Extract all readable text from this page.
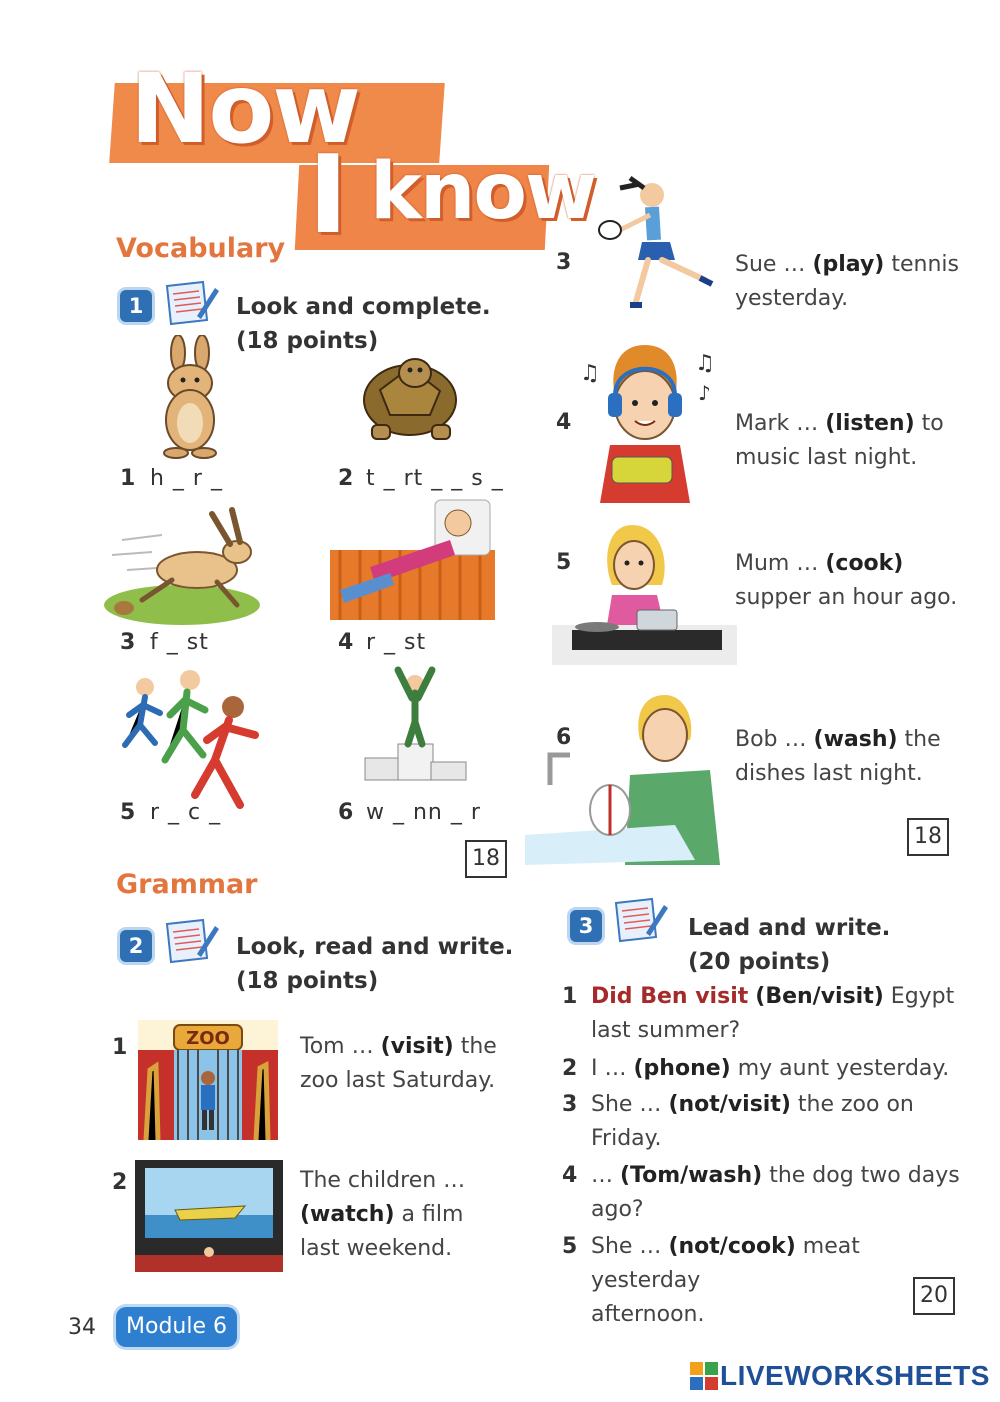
Now
I know
Vocabulary
1	Look and complete.
(18 points)
1 h _ r _	2 t _ rt _ _ s _
3 f _ st	4 r _ st
5 r _ c _	6 w _ nn _ r
18
Grammar
2	Look, read and write.
(18 points)
1	ZOO	Tom … (visit) the zoo last Saturday.
2	The children … (watch) a film last weekend.
3	Sue … (play) tennis yesterday.
4
♫	♫
♪
Mark … (listen) to music last night.
5	Mum … (cook) supper an hour ago.
6	Bob … (wash) the dishes last night.
18
3	Lead and write.
(20 points)
1 Did Ben visit (Ben/visit) Egypt
last summer?
2 I … (phone) my aunt yesterday.
3 She … (not/visit) the zoo on
Friday.
4 … (Tom/wash) the dog two days
ago?
5 She … (not/cook) meat yesterday
afternoon.
20
34	Module 6
LIVEWORKSHEETS
